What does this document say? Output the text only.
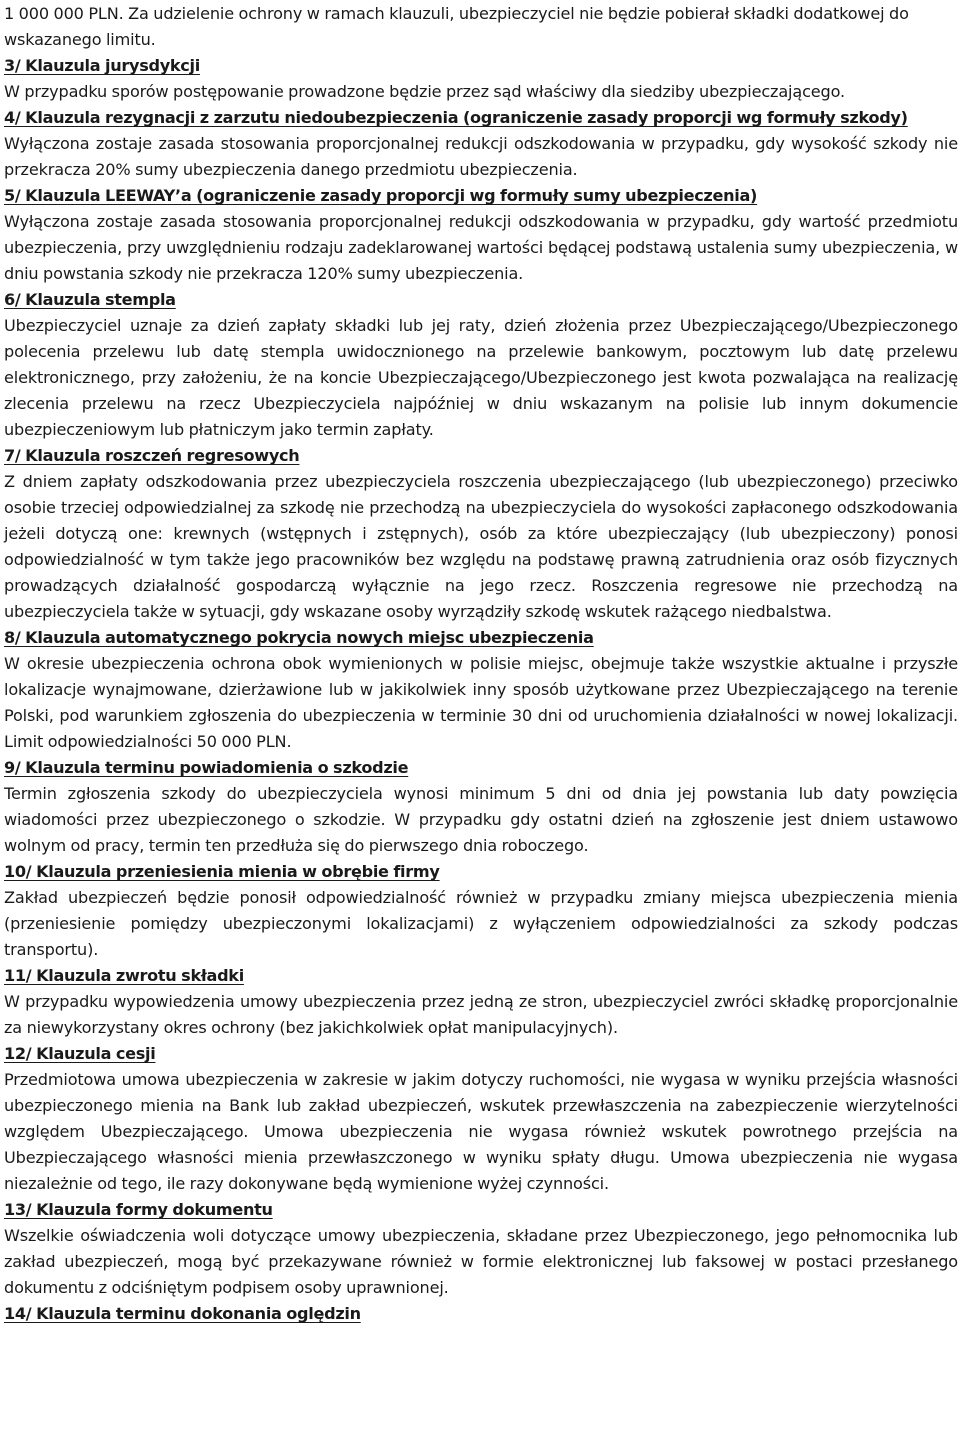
1 000 000 PLN. Za udzielenie ochrony w ramach klauzuli, ubezpieczyciel nie będzie pobierał składki dodatkowej do wskazanego limitu.

3/ Klauzula jurysdykcji

W przypadku sporów postępowanie prowadzone będzie przez sąd właściwy dla siedziby ubezpieczającego.

4/ Klauzula rezygnacji z zarzutu niedoubezpieczenia (ograniczenie zasady proporcji wg formuły szkody)

Wyłączona zostaje zasada stosowania proporcjonalnej redukcji odszkodowania w przypadku, gdy wysokość szkody nie przekracza 20% sumy ubezpieczenia danego przedmiotu ubezpieczenia.

5/ Klauzula LEEWAY’a (ograniczenie zasady proporcji wg formuły sumy ubezpieczenia)

Wyłączona zostaje zasada stosowania proporcjonalnej redukcji odszkodowania w przypadku, gdy wartość przedmiotu ubezpieczenia, przy uwzględnieniu rodzaju zadeklarowanej wartości będącej podstawą ustalenia sumy ubezpieczenia, w dniu powstania szkody nie przekracza 120% sumy ubezpieczenia.

6/ Klauzula stempla

Ubezpieczyciel uznaje za dzień zapłaty składki lub jej raty, dzień złożenia przez Ubezpieczającego/Ubezpieczonego polecenia przelewu lub datę stempla uwidocznionego na przelewie bankowym, pocztowym lub datę przelewu elektronicznego, przy założeniu, że na koncie Ubezpieczającego/Ubezpieczonego jest kwota pozwalająca na realizację zlecenia przelewu na rzecz Ubezpieczyciela najpóźniej w dniu wskazanym na polisie lub innym dokumencie ubezpieczeniowym lub płatniczym jako termin zapłaty.

7/ Klauzula roszczeń regresowych

Z dniem zapłaty odszkodowania przez ubezpieczyciela roszczenia ubezpieczającego (lub ubezpieczonego) przeciwko osobie trzeciej odpowiedzialnej za szkodę nie przechodzą na ubezpieczyciela do wysokości zapłaconego odszkodowania jeżeli dotyczą one: krewnych (wstępnych i zstępnych), osób za które ubezpieczający (lub ubezpieczony) ponosi odpowiedzialność w tym także jego pracowników bez względu na podstawę prawną zatrudnienia oraz osób fizycznych prowadzących działalność gospodarczą wyłącznie na jego rzecz. Roszczenia regresowe nie przechodzą na ubezpieczyciela także w sytuacji, gdy wskazane osoby wyrządziły szkodę wskutek rażącego niedbalstwa.

8/ Klauzula automatycznego pokrycia nowych miejsc ubezpieczenia

W okresie ubezpieczenia ochrona obok wymienionych w polisie miejsc, obejmuje także wszystkie aktualne i przyszłe lokalizacje wynajmowane, dzierżawione lub w jakikolwiek inny sposób użytkowane przez Ubezpieczającego na terenie Polski, pod warunkiem zgłoszenia do ubezpieczenia w terminie 30 dni od uruchomienia działalności w nowej lokalizacji. Limit odpowiedzialności 50 000 PLN.

9/ Klauzula terminu powiadomienia o szkodzie

Termin zgłoszenia szkody do ubezpieczyciela wynosi minimum 5 dni od dnia jej powstania lub daty powzięcia wiadomości przez ubezpieczonego o szkodzie. W przypadku gdy ostatni dzień na zgłoszenie jest dniem ustawowo wolnym od pracy, termin ten przedłuża się do pierwszego dnia roboczego.

10/ Klauzula przeniesienia mienia w obrębie firmy

Zakład ubezpieczeń będzie ponosił odpowiedzialność również w przypadku zmiany miejsca ubezpieczenia mienia (przeniesienie pomiędzy ubezpieczonymi lokalizacjami) z wyłączeniem odpowiedzialności za szkody podczas transportu).

11/ Klauzula zwrotu składki

W przypadku wypowiedzenia umowy ubezpieczenia przez jedną ze stron, ubezpieczyciel zwróci składkę proporcjonalnie za niewykorzystany okres ochrony (bez jakichkolwiek opłat manipulacyjnych).

12/ Klauzula cesji

Przedmiotowa umowa ubezpieczenia w zakresie w jakim dotyczy ruchomości, nie wygasa w wyniku przejścia własności ubezpieczonego mienia na Bank lub zakład ubezpieczeń, wskutek przewłaszczenia na zabezpieczenie wierzytelności względem Ubezpieczającego. Umowa ubezpieczenia nie wygasa również wskutek powrotnego przejścia na Ubezpieczającego własności mienia przewłaszczonego w wyniku spłaty długu. Umowa ubezpieczenia nie wygasa niezależnie od tego, ile razy dokonywane będą wymienione wyżej czynności.

13/ Klauzula formy dokumentu

Wszelkie oświadczenia woli dotyczące umowy ubezpieczenia, składane przez Ubezpieczonego, jego pełnomocnika lub zakład ubezpieczeń, mogą być przekazywane również w formie elektronicznej lub faksowej w postaci przesłanego dokumentu z odciśniętym podpisem osoby uprawnionej.

14/ Klauzula terminu dokonania oględzin
